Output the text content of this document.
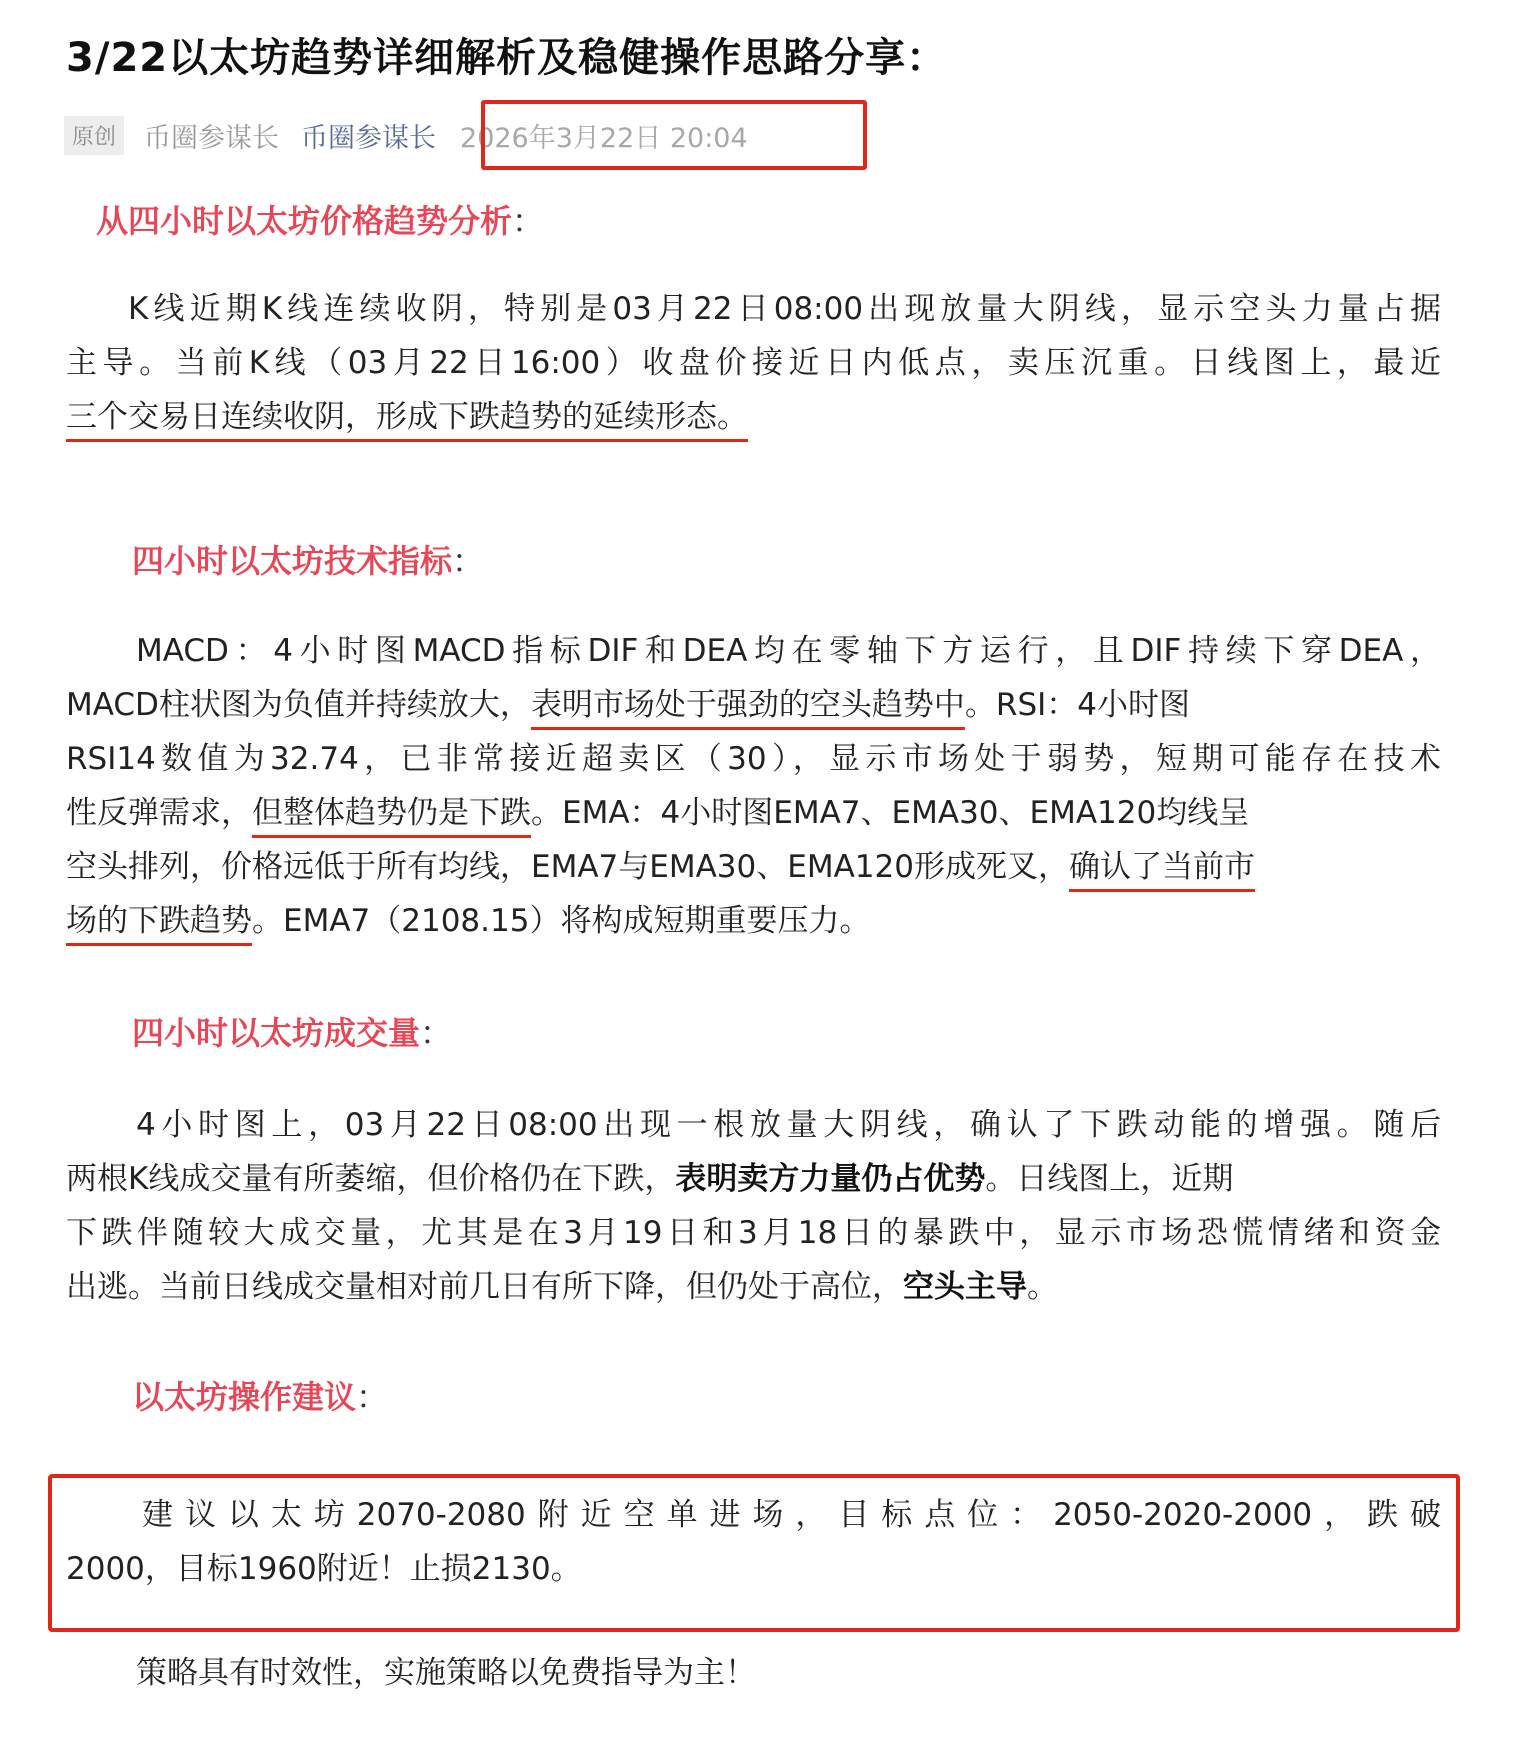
3/22以太坊趋势详细解析及稳健操作思路分享：
原创 币圈参谋长 币圈参谋长 2026年3月22日 20:04
从四小时以太坊价格趋势分析：
K线近期K线连续收阴，特别是03月22日08:00出现放量大阴线，显示空头力量占据
主导。当前K线（03月22日16:00）收盘价接近日内低点，卖压沉重。日线图上，最近
三个交易日连续收阴，形成下跌趋势的延续形态。
四小时以太坊技术指标：
MACD：4小时图MACD指标DIF和DEA均在零轴下方运行，且DIF持续下穿DEA，
MACD柱状图为负值并持续放大，表明市场处于强劲的空头趋势中。RSI：4小时图
RSI14数值为32.74，已非常接近超卖区（30），显示市场处于弱势，短期可能存在技术
性反弹需求，但整体趋势仍是下跌。EMA：4小时图EMA7、EMA30、EMA120均线呈
空头排列，价格远低于所有均线，EMA7与EMA30、EMA120形成死叉，确认了当前市
场的下跌趋势。EMA7（2108.15）将构成短期重要压力。
四小时以太坊成交量：
4小时图上，03月22日08:00出现一根放量大阴线，确认了下跌动能的增强。随后
两根K线成交量有所萎缩，但价格仍在下跌，表明卖方力量仍占优势。日线图上，近期
下跌伴随较大成交量，尤其是在3月19日和3月18日的暴跌中，显示市场恐慌情绪和资金
出逃。当前日线成交量相对前几日有所下降，但仍处于高位，空头主导。
以太坊操作建议：
建议以太坊2070-2080附近空单进场，目标点位：2050-2020-2000，跌破
2000，目标1960附近！止损2130。
策略具有时效性，实施策略以免费指导为主！
